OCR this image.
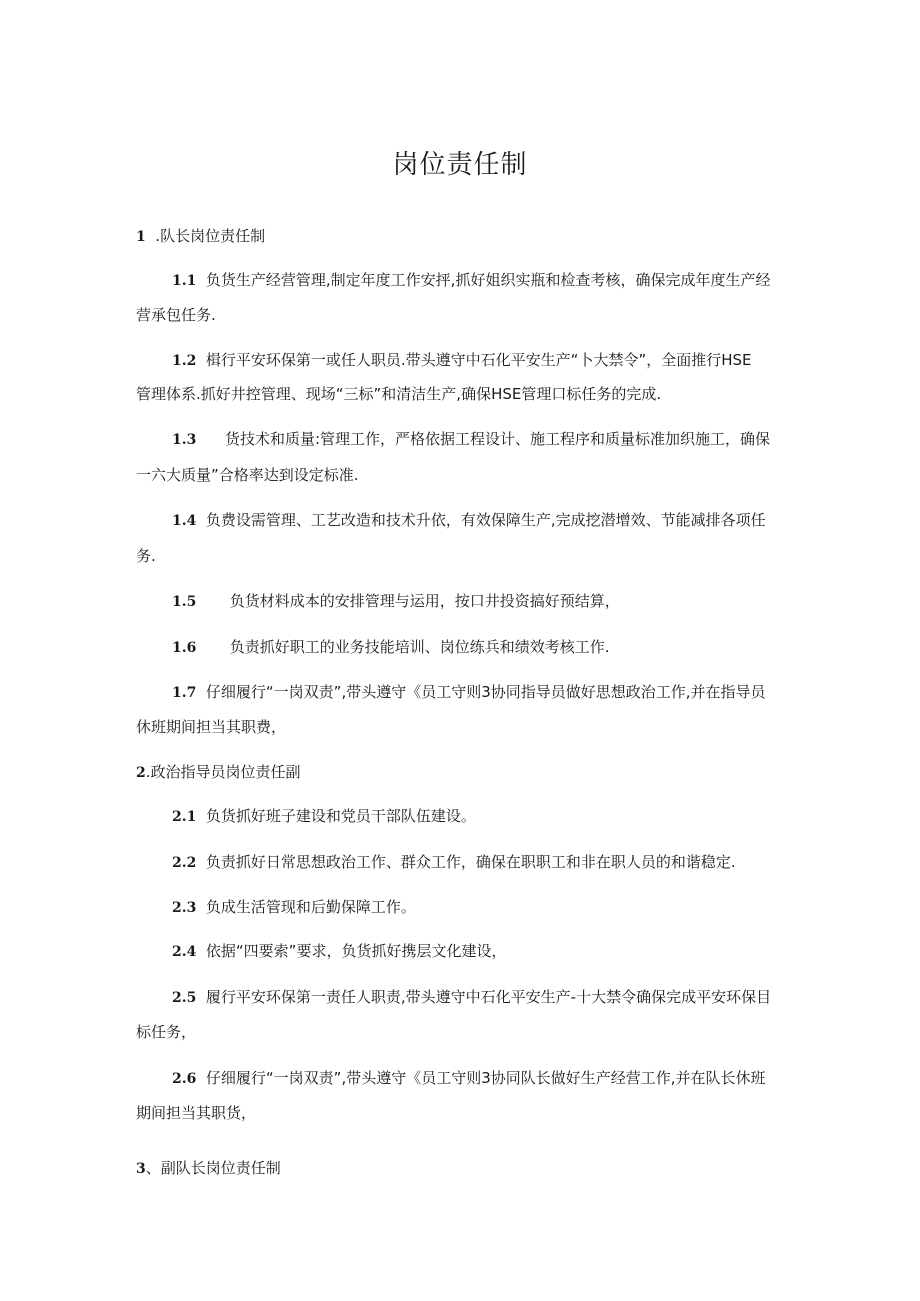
岗位责任制
1 .队长岗位责任制
1.1 负货生产经营管理,制定年度工作安抨,抓好姐织实瓶和检查考核，确保完成年度生产经
营承包任务.
1.2 楫行平安环保第一或任人职员.带头遵守中石化平安生产“卜大禁令”，全面推行HSE
管理体系.抓好井控管理、现场“三标”和清洁生产,确保HSE管理口标任务的完成.
1.3 货技术和质量:管理工作，严格依据工程设计、施工程序和质量标准加织施工，确保
一六大质量”合格率达到设定标准.
1.4 负费设需管理、工艺改造和技术升依，有效保障生产,完成挖潜增效、节能减排各项任
务.
1.5 负货材料成本的安排管理与运用，按口井投资搞好预结算，
1.6 负责抓好职工的业务技能培训、岗位练兵和绩效考核工作.
1.7 仔细履行“一岗双责”,带头遵守《员工守则3协同指导员做好思想政治工作,并在指导员
休班期间担当其职费，
2.政治指导员岗位责任副
2.1 负货抓好班子建设和党员干部队伍建设。
2.2 负责抓好日常思想政治工作、群众工作，确保在职职工和非在职人员的和谐稳定.
2.3 负成生活管现和后勤保障工作。
2.4 依据“四要索”要求，负货抓好携层文化建设，
2.5 履行平安环保第一责任人职责,带头遵守中石化平安生产-十大禁令确保完成平安环保目
标任务，
2.6 仔细履行“一岗双责”,带头遵守《员工守则3协同队长做好生产经营工作,并在队长休班
期间担当其职货，
3、副队长岗位责任制
